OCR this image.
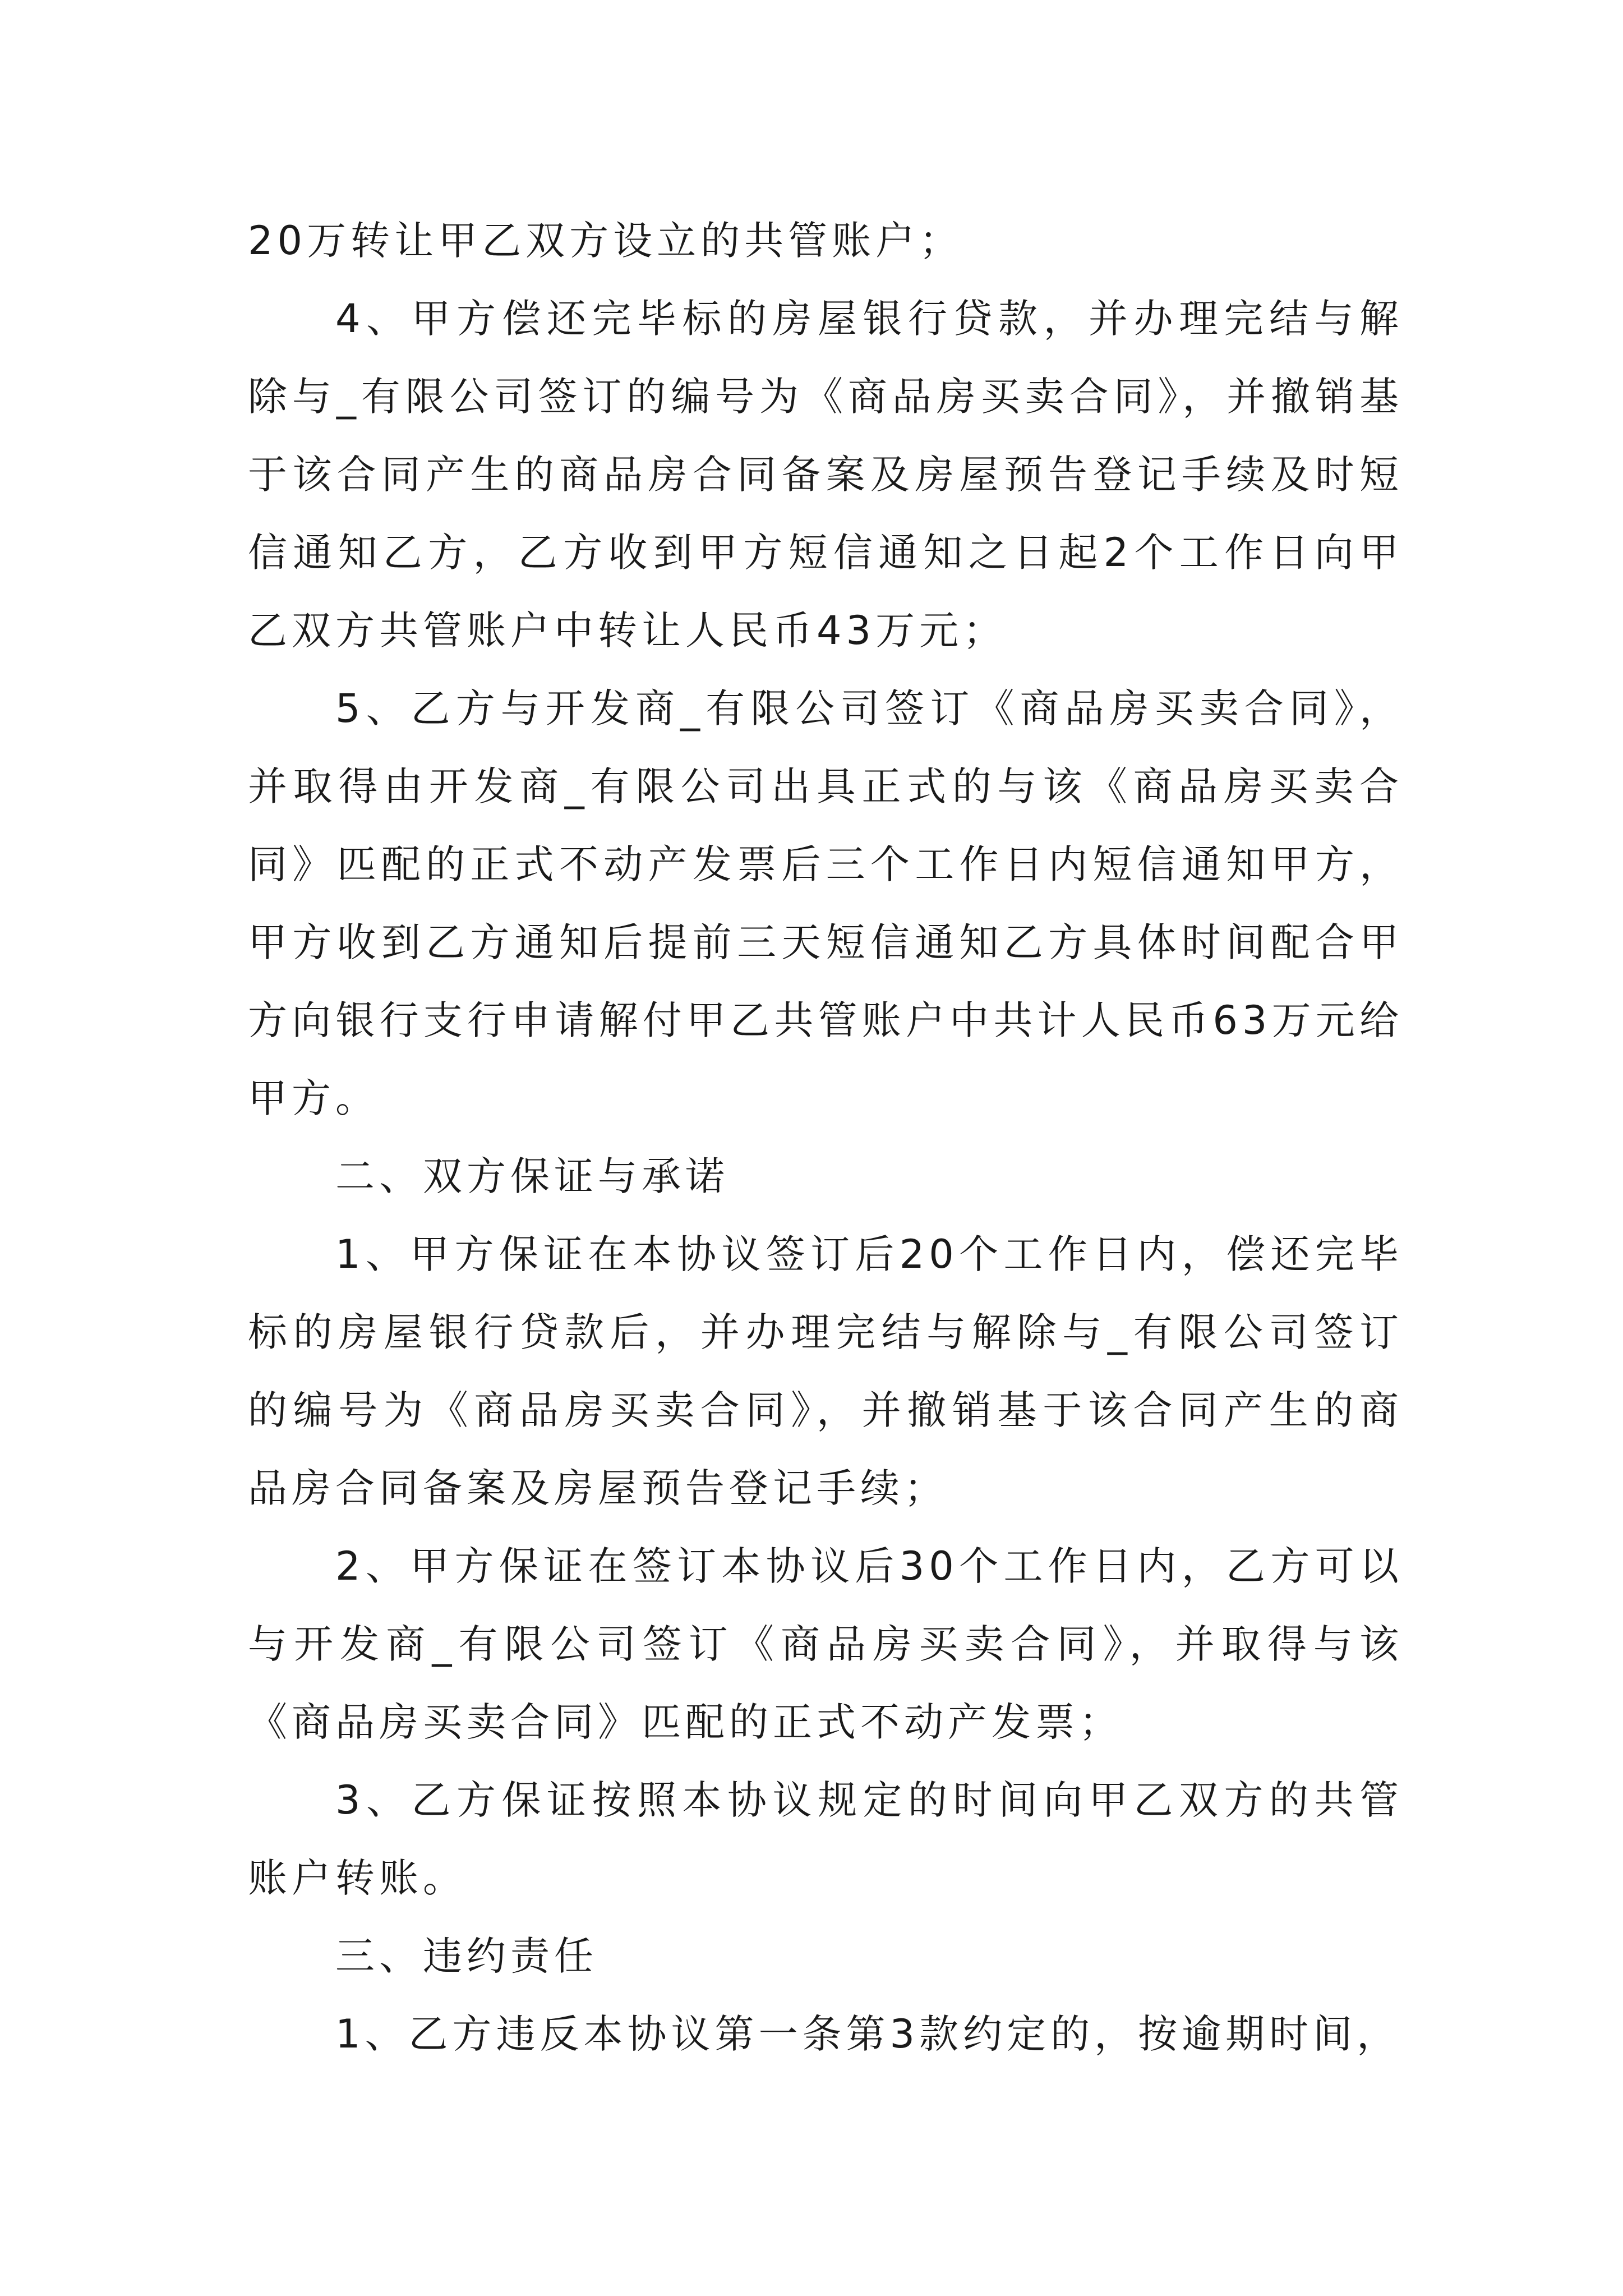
20万转让甲乙双方设立的共管账户；

4、甲方偿还完毕标的房屋银行贷款，并办理完结与解除与_有限公司签订的编号为《商品房买卖合同》，并撤销基于该合同产生的商品房合同备案及房屋预告登记手续及时短信通知乙方，乙方收到甲方短信通知之日起2个工作日向甲乙双方共管账户中转让人民币43万元；

5、乙方与开发商_有限公司签订《商品房买卖合同》，并取得由开发商_有限公司出具正式的与该《商品房买卖合同》匹配的正式不动产发票后三个工作日内短信通知甲方，甲方收到乙方通知后提前三天短信通知乙方具体时间配合甲方向银行支行申请解付甲乙共管账户中共计人民币63万元给甲方。

二、双方保证与承诺

1、甲方保证在本协议签订后20个工作日内，偿还完毕标的房屋银行贷款后，并办理完结与解除与_有限公司签订的编号为《商品房买卖合同》，并撤销基于该合同产生的商品房合同备案及房屋预告登记手续；

2、甲方保证在签订本协议后30个工作日内，乙方可以与开发商_有限公司签订《商品房买卖合同》，并取得与该《商品房买卖合同》匹配的正式不动产发票；

3、乙方保证按照本协议规定的时间向甲乙双方的共管账户转账。

三、违约责任

1、乙方违反本协议第一条第3款约定的，按逾期时间，
